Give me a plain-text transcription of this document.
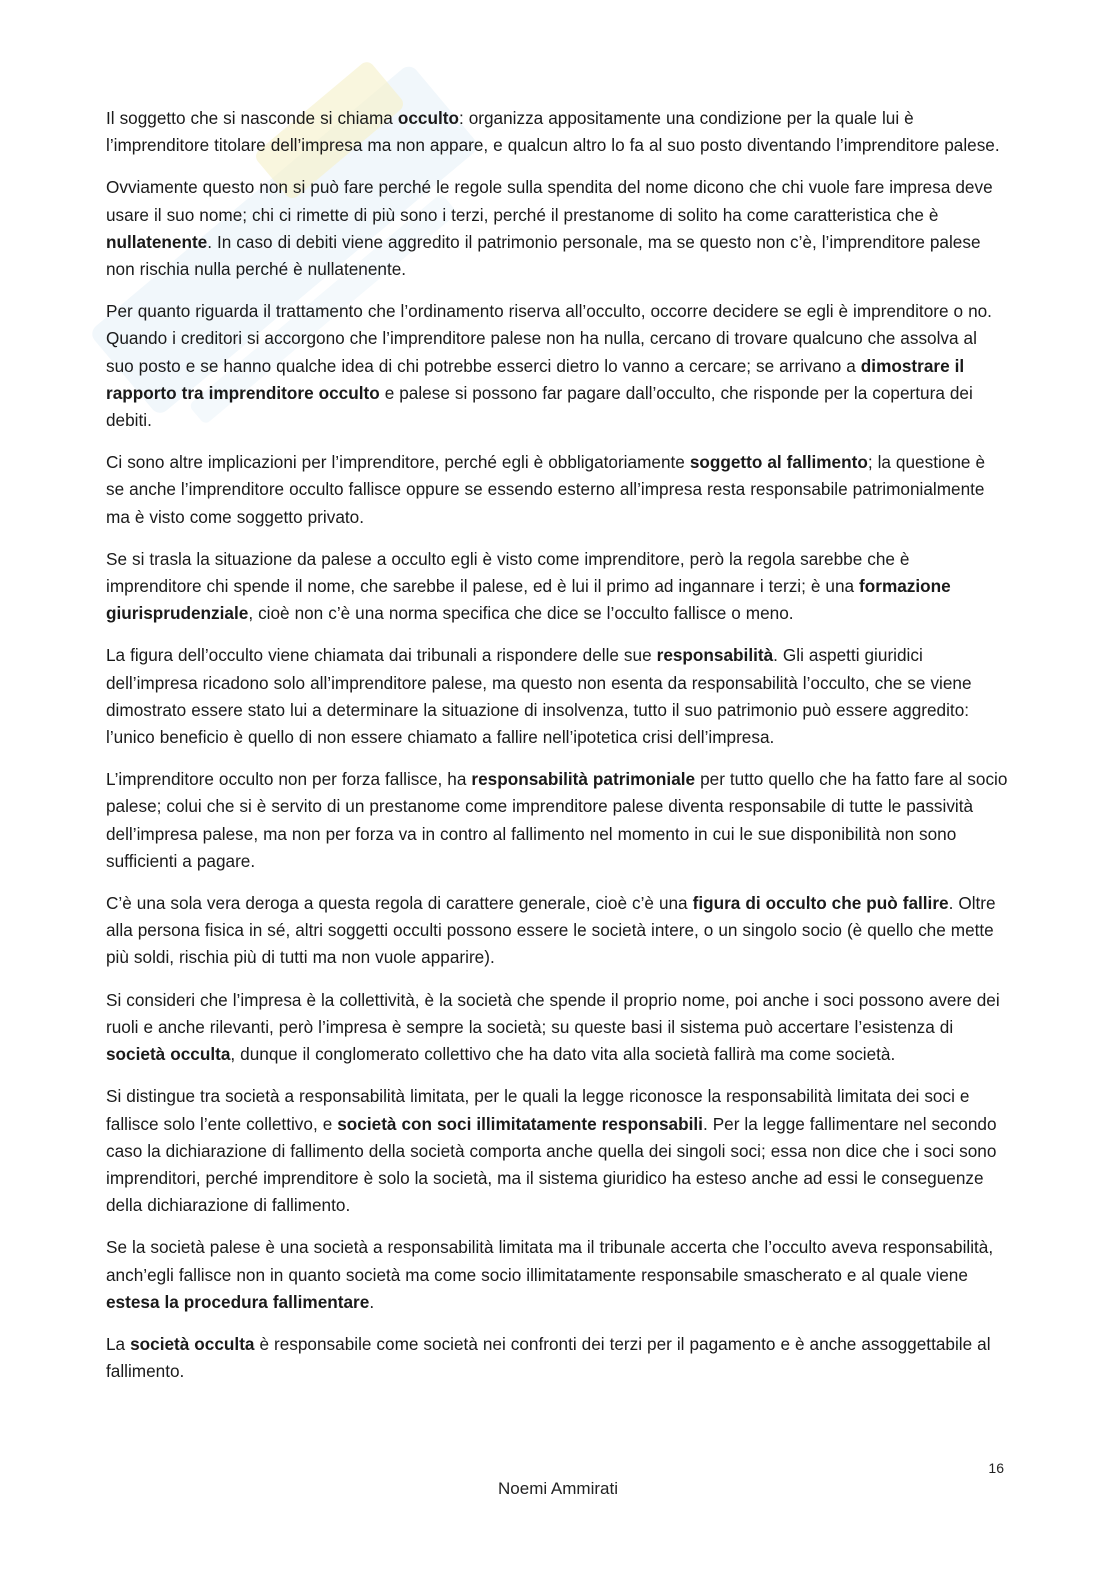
Il soggetto che si nasconde si chiama occulto: organizza appositamente una condizione per la quale lui è l’imprenditore titolare dell’impresa ma non appare, e qualcun altro lo fa al suo posto diventando l’imprenditore palese.

Ovviamente questo non si può fare perché le regole sulla spendita del nome dicono che chi vuole fare impresa deve usare il suo nome; chi ci rimette di più sono i terzi, perché il prestanome di solito ha come caratteristica che è nullatenente. In caso di debiti viene aggredito il patrimonio personale, ma se questo non c’è, l’imprenditore palese non rischia nulla perché è nullatenente.

Per quanto riguarda il trattamento che l’ordinamento riserva all’occulto, occorre decidere se egli è imprenditore o no. Quando i creditori si accorgono che l’imprenditore palese non ha nulla, cercano di trovare qualcuno che assolva al suo posto e se hanno qualche idea di chi potrebbe esserci dietro lo vanno a cercare; se arrivano a dimostrare il rapporto tra imprenditore occulto e palese si possono far pagare dall’occulto, che risponde per la copertura dei debiti.

Ci sono altre implicazioni per l’imprenditore, perché egli è obbligatoriamente soggetto al fallimento; la questione è se anche l’imprenditore occulto fallisce oppure se essendo esterno all’impresa resta responsabile patrimonialmente ma è visto come soggetto privato.

Se si trasla la situazione da palese a occulto egli è visto come imprenditore, però la regola sarebbe che è imprenditore chi spende il nome, che sarebbe il palese, ed è lui il primo ad ingannare i terzi; è una formazione giurisprudenziale, cioè non c’è una norma specifica che dice se l’occulto fallisce o meno.

La figura dell’occulto viene chiamata dai tribunali a rispondere delle sue responsabilità. Gli aspetti giuridici dell’impresa ricadono solo all’imprenditore palese, ma questo non esenta da responsabilità l’occulto, che se viene dimostrato essere stato lui a determinare la situazione di insolvenza, tutto il suo patrimonio può essere aggredito: l’unico beneficio è quello di non essere chiamato a fallire nell’ipotetica crisi dell’impresa.

L’imprenditore occulto non per forza fallisce, ha responsabilità patrimoniale per tutto quello che ha fatto fare al socio palese; colui che si è servito di un prestanome come imprenditore palese diventa responsabile di tutte le passività dell’impresa palese, ma non per forza va in contro al fallimento nel momento in cui le sue disponibilità non sono sufficienti a pagare.

C’è una sola vera deroga a questa regola di carattere generale, cioè c’è una figura di occulto che può fallire. Oltre alla persona fisica in sé, altri soggetti occulti possono essere le società intere, o un singolo socio (è quello che mette più soldi, rischia più di tutti ma non vuole apparire).

Si consideri che l’impresa è la collettività, è la società che spende il proprio nome, poi anche i soci possono avere dei ruoli e anche rilevanti, però l’impresa è sempre la società; su queste basi il sistema può accertare l’esistenza di società occulta, dunque il conglomerato collettivo che ha dato vita alla società fallirà ma come società.

Si distingue tra società a responsabilità limitata, per le quali la legge riconosce la responsabilità limitata dei soci e fallisce solo l’ente collettivo, e società con soci illimitatamente responsabili. Per la legge fallimentare nel secondo caso la dichiarazione di fallimento della società comporta anche quella dei singoli soci; essa non dice che i soci sono imprenditori, perché imprenditore è solo la società, ma il sistema giuridico ha esteso anche ad essi le conseguenze della dichiarazione di fallimento.

Se la società palese è una società a responsabilità limitata ma il tribunale accerta che l’occulto aveva responsabilità, anch’egli fallisce non in quanto società ma come socio illimitatamente responsabile smascherato e al quale viene estesa la procedura fallimentare.

La società occulta è responsabile come società nei confronti dei terzi per il pagamento e è anche assoggettabile al fallimento.

16
Noemi Ammirati
